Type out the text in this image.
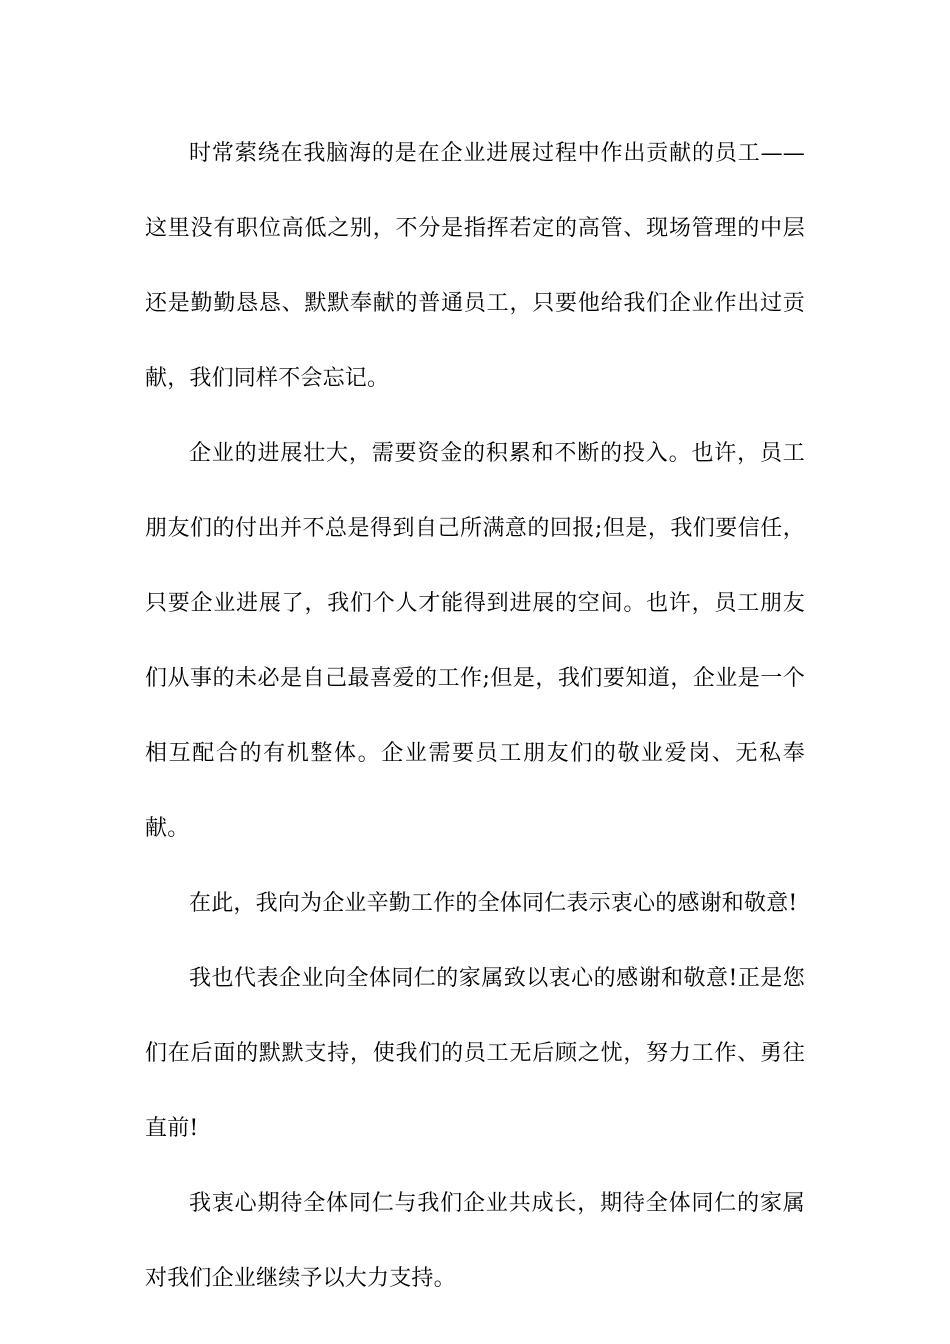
时常萦绕在我脑海的是在企业进展过程中作出贡献的员工——这里没有职位高低之别，不分是指挥若定的高管、现场管理的中层还是勤勤恳恳、默默奉献的普通员工，只要他给我们企业作出过贡献，我们同样不会忘记。

企业的进展壮大，需要资金的积累和不断的投入。也许，员工朋友们的付出并不总是得到自己所满意的回报;但是，我们要信任，只要企业进展了，我们个人才能得到进展的空间。也许，员工朋友们从事的未必是自己最喜爱的工作;但是，我们要知道，企业是一个相互配合的有机整体。企业需要员工朋友们的敬业爱岗、无私奉献。

在此，我向为企业辛勤工作的全体同仁表示衷心的感谢和敬意!

我也代表企业向全体同仁的家属致以衷心的感谢和敬意!正是您们在后面的默默支持，使我们的员工无后顾之忧，努力工作、勇往直前!

我衷心期待全体同仁与我们企业共成长，期待全体同仁的家属对我们企业继续予以大力支持。
